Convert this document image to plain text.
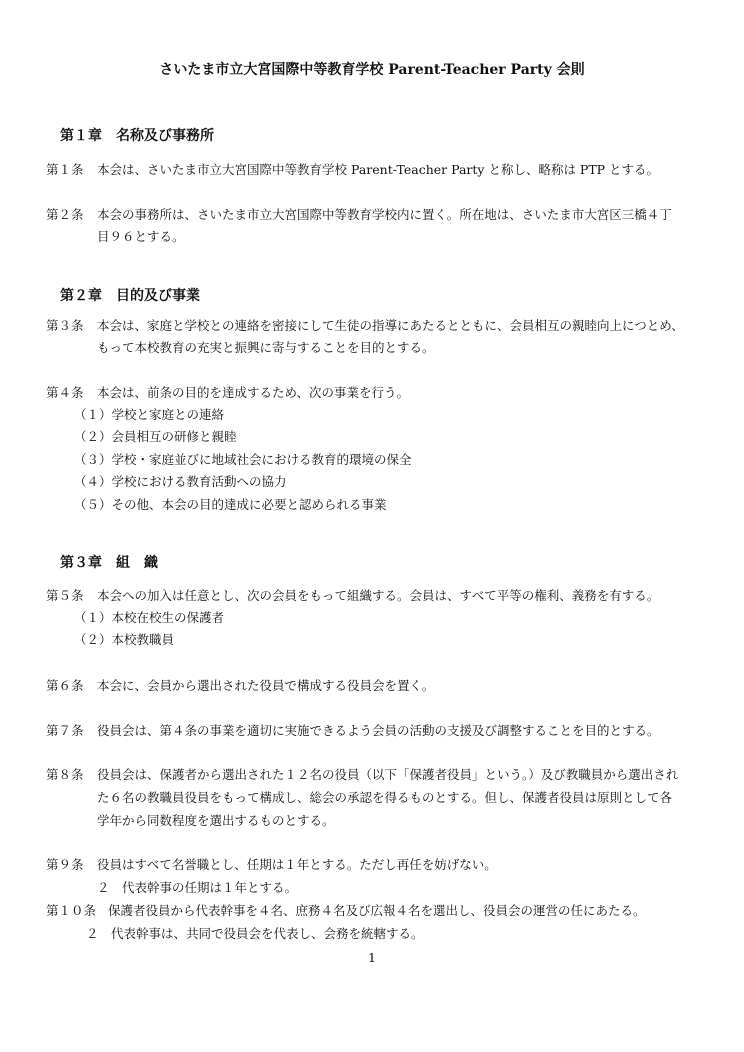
さいたま市立大宮国際中等教育学校 Parent-Teacher Party 会則
第１章　名称及び事務所
第１条 本会は、さいたま市立大宮国際中等教育学校 Parent-Teacher Party と称し、略称は PTP とする。
第２条 本会の事務所は、さいたま市立大宮国際中等教育学校内に置く。所在地は、さいたま市大宮区三橋４丁
目９６とする。
第２章　目的及び事業
第３条 本会は、家庭と学校との連絡を密接にして生徒の指導にあたるとともに、会員相互の親睦向上につとめ、
もって本校教育の充実と振興に寄与することを目的とする。
第４条 本会は、前条の目的を達成するため、次の事業を行う。
（１）学校と家庭との連絡
（２）会員相互の研修と親睦
（３）学校・家庭並びに地域社会における教育的環境の保全
（４）学校における教育活動への協力
（５）その他、本会の目的達成に必要と認められる事業
第３章　組　織
第５条 本会への加入は任意とし、次の会員をもって組織する。会員は、すべて平等の権利、義務を有する。
（１）本校在校生の保護者
（２）本校教職員
第６条 本会に、会員から選出された役員で構成する役員会を置く。
第７条 役員会は、第４条の事業を適切に実施できるよう会員の活動の支援及び調整することを目的とする。
第８条 役員会は、保護者から選出された１２名の役員（以下「保護者役員」という。）及び教職員から選出され
た６名の教職員役員をもって構成し、総会の承認を得るものとする。但し、保護者役員は原則として各
学年から同数程度を選出するものとする。
第９条 役員はすべて名誉職とし、任期は１年とする。ただし再任を妨げない。
２　代表幹事の任期は１年とする。
第１０条 保護者役員から代表幹事を４名、庶務４名及び広報４名を選出し、役員会の運営の任にあたる。
２　代表幹事は、共同で役員会を代表し、会務を統轄する。
1
